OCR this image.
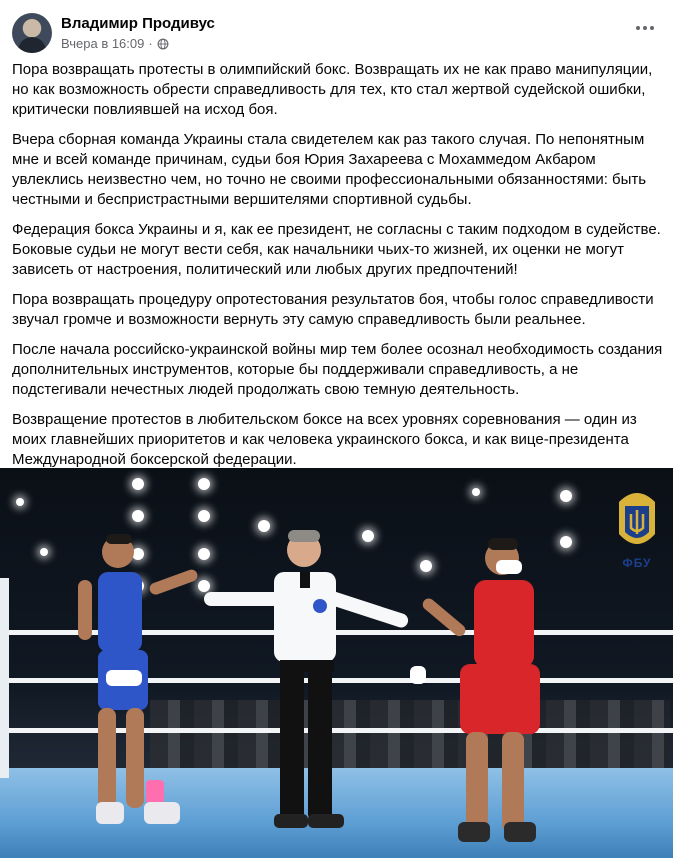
Владимир Продивус
Вчера в 16:09 ·

Пора возвращать протесты в олимпийский бокс. Возвращать их не как право манипуляции, но как возможность обрести справедливость для тех, кто стал жертвой судейской ошибки, критически повлиявшей на исход боя.

Вчера сборная команда Украины стала свидетелем как раз такого случая. По непонятным мне и всей команде причинам, судьи боя Юрия Захареева с Мохаммедом Акбаром увлеклись неизвестно чем, но точно не своими профессиональными обязанностями: быть честными и беспристрастными вершителями спортивной судьбы.

Федерация бокса Украины и я, как ее президент, не согласны с таким подходом в судействе. Боковые судьи не могут вести себя, как начальники чьих-то жизней, их оценки не могут зависеть от настроения, политический или любых других предпочтений!

Пора возвращать процедуру опротестования результатов боя, чтобы голос справедливости звучал громче и возможности вернуть эту самую справедливость были реальнее.

После начала российско-украинской войны мир тем более осознал необходимость создания дополнительных инструментов, которые бы поддерживали справедливость, а не подстегивали нечестных людей продолжать свою темную деятельность.

Возвращение протестов в любительском боксе на всех уровнях соревнования — один из моих главнейших приоритетов и как человека украинского бокса, и как вице-президента Международной боксерской федерации.

ФБУ
